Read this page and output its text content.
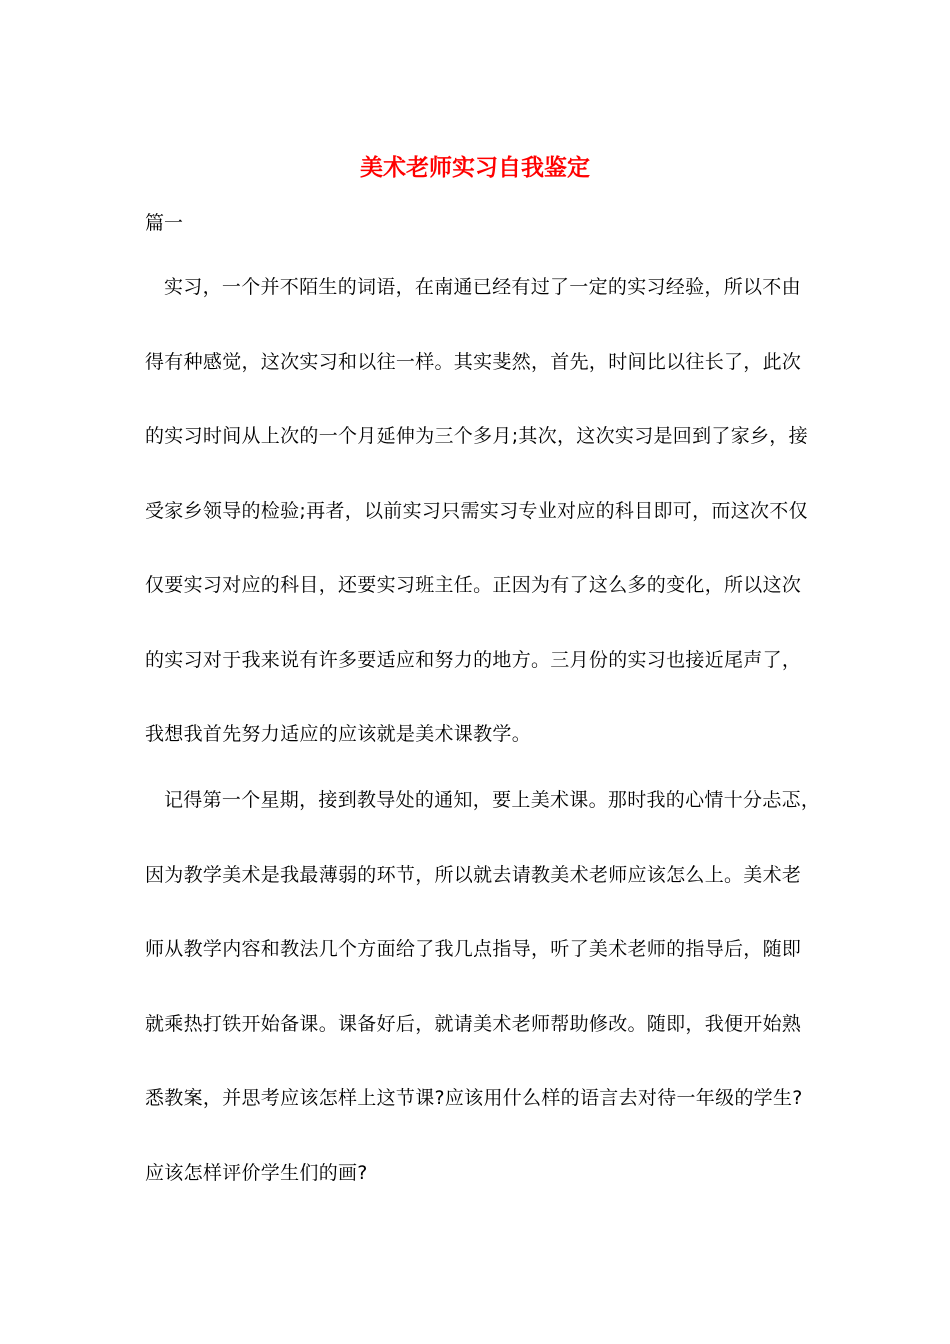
美术老师实习自我鉴定

篇一

实习，一个并不陌生的词语，在南通已经有过了一定的实习经验，所以不由
得有种感觉，这次实习和以往一样。其实斐然，首先，时间比以往长了，此次
的实习时间从上次的一个月延伸为三个多月;其次，这次实习是回到了家乡，接
受家乡领导的检验;再者，以前实习只需实习专业对应的科目即可，而这次不仅
仅要实习对应的科目，还要实习班主任。正因为有了这么多的变化，所以这次
的实习对于我来说有许多要适应和努力的地方。三月份的实习也接近尾声了，
我想我首先努力适应的应该就是美术课教学。

记得第一个星期，接到教导处的通知，要上美术课。那时我的心情十分忐忑，
因为教学美术是我最薄弱的环节，所以就去请教美术老师应该怎么上。美术老
师从教学内容和教法几个方面给了我几点指导，听了美术老师的指导后，随即
就乘热打铁开始备课。课备好后，就请美术老师帮助修改。随即，我便开始熟
悉教案，并思考应该怎样上这节课?应该用什么样的语言去对待一年级的学生?
应该怎样评价学生们的画?
